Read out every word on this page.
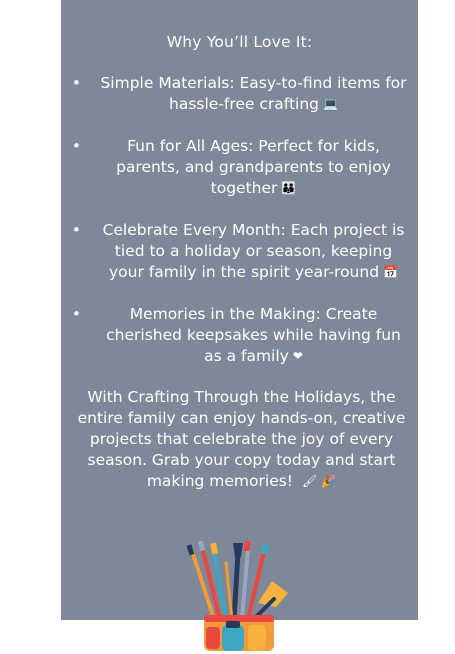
Why You’ll Love It:
•	Simple Materials: Easy-to-find items for hassle-free crafting 💻
•	Fun for All Ages: Perfect for kids, parents, and grandparents to enjoy together 👪
•	Celebrate Every Month: Each project is tied to a holiday or season, keeping your family in the spirit year-round 📅
•	Memories in the Making: Create cherished keepsakes while having fun as a family ❤
With Crafting Through the Holidays, the entire family can enjoy hands-on, creative projects that celebrate the joy of every season. Grab your copy today and start making memories! 🖌 🎉
